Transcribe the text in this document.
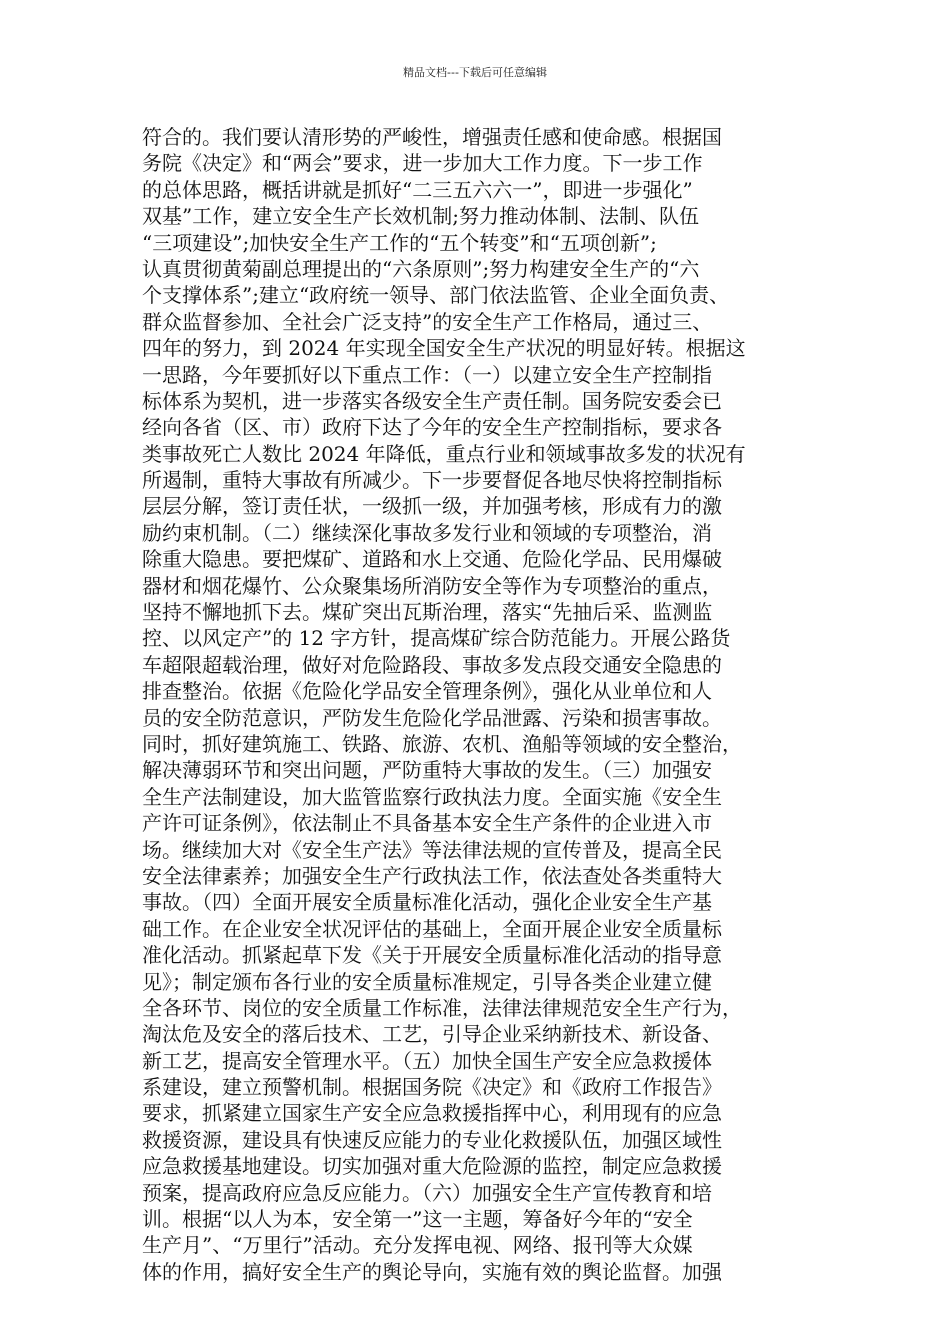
精品文档---下载后可任意编辑
符合的。我们要认清形势的严峻性，增强责任感和使命感。根据国
务院《决定》和“两会”要求，进一步加大工作力度。下一步工作
的总体思路，概括讲就是抓好“二三五六六一”，即进一步强化”
双基”工作，建立安全生产长效机制;努力推动体制、法制、队伍
“三项建设”;加快安全生产工作的“五个转变”和“五项创新”;
认真贯彻黄菊副总理提出的“六条原则”;努力构建安全生产的“六
个支撑体系”;建立“政府统一领导、部门依法监管、企业全面负责、
群众监督参加、全社会广泛支持”的安全生产工作格局，通过三、
四年的努力，到 2024 年实现全国安全生产状况的明显好转。根据这
一思路，今年要抓好以下重点工作：（一）以建立安全生产控制指
标体系为契机，进一步落实各级安全生产责任制。国务院安委会已
经向各省（区、市）政府下达了今年的安全生产控制指标，要求各
类事故死亡人数比 2024 年降低，重点行业和领域事故多发的状况有
所遏制，重特大事故有所减少。下一步要督促各地尽快将控制指标
层层分解，签订责任状，一级抓一级，并加强考核，形成有力的激
励约束机制。（二）继续深化事故多发行业和领域的专项整治，消
除重大隐患。要把煤矿、道路和水上交通、危险化学品、民用爆破
器材和烟花爆竹、公众聚集场所消防安全等作为专项整治的重点，
坚持不懈地抓下去。煤矿突出瓦斯治理，落实“先抽后采、监测监
控、以风定产”的 12 字方针，提高煤矿综合防范能力。开展公路货
车超限超载治理，做好对危险路段、事故多发点段交通安全隐患的
排查整治。依据《危险化学品安全管理条例》，强化从业单位和人
员的安全防范意识，严防发生危险化学品泄露、污染和损害事故。
同时，抓好建筑施工、铁路、旅游、农机、渔船等领域的安全整治，
解决薄弱环节和突出问题，严防重特大事故的发生。（三）加强安
全生产法制建设，加大监管监察行政执法力度。全面实施《安全生
产许可证条例》，依法制止不具备基本安全生产条件的企业进入市
场。继续加大对《安全生产法》等法律法规的宣传普及，提高全民
安全法律素养；加强安全生产行政执法工作，依法查处各类重特大
事故。（四）全面开展安全质量标准化活动，强化企业安全生产基
础工作。在企业安全状况评估的基础上，全面开展企业安全质量标
准化活动。抓紧起草下发《关于开展安全质量标准化活动的指导意
见》；制定颁布各行业的安全质量标准规定，引导各类企业建立健
全各环节、岗位的安全质量工作标准，法律法律规范安全生产行为，
淘汰危及安全的落后技术、工艺，引导企业采纳新技术、新设备、
新工艺，提高安全管理水平。（五）加快全国生产安全应急救援体
系建设，建立预警机制。根据国务院《决定》和《政府工作报告》
要求，抓紧建立国家生产安全应急救援指挥中心，利用现有的应急
救援资源，建设具有快速反应能力的专业化救援队伍，加强区域性
应急救援基地建设。切实加强对重大危险源的监控，制定应急救援
预案，提高政府应急反应能力。（六）加强安全生产宣传教育和培
训。根据“以人为本，安全第一”这一主题，筹备好今年的“安全
生产月”、“万里行”活动。充分发挥电视、网络、报刊等大众媒
体的作用，搞好安全生产的舆论导向，实施有效的舆论监督。加强
